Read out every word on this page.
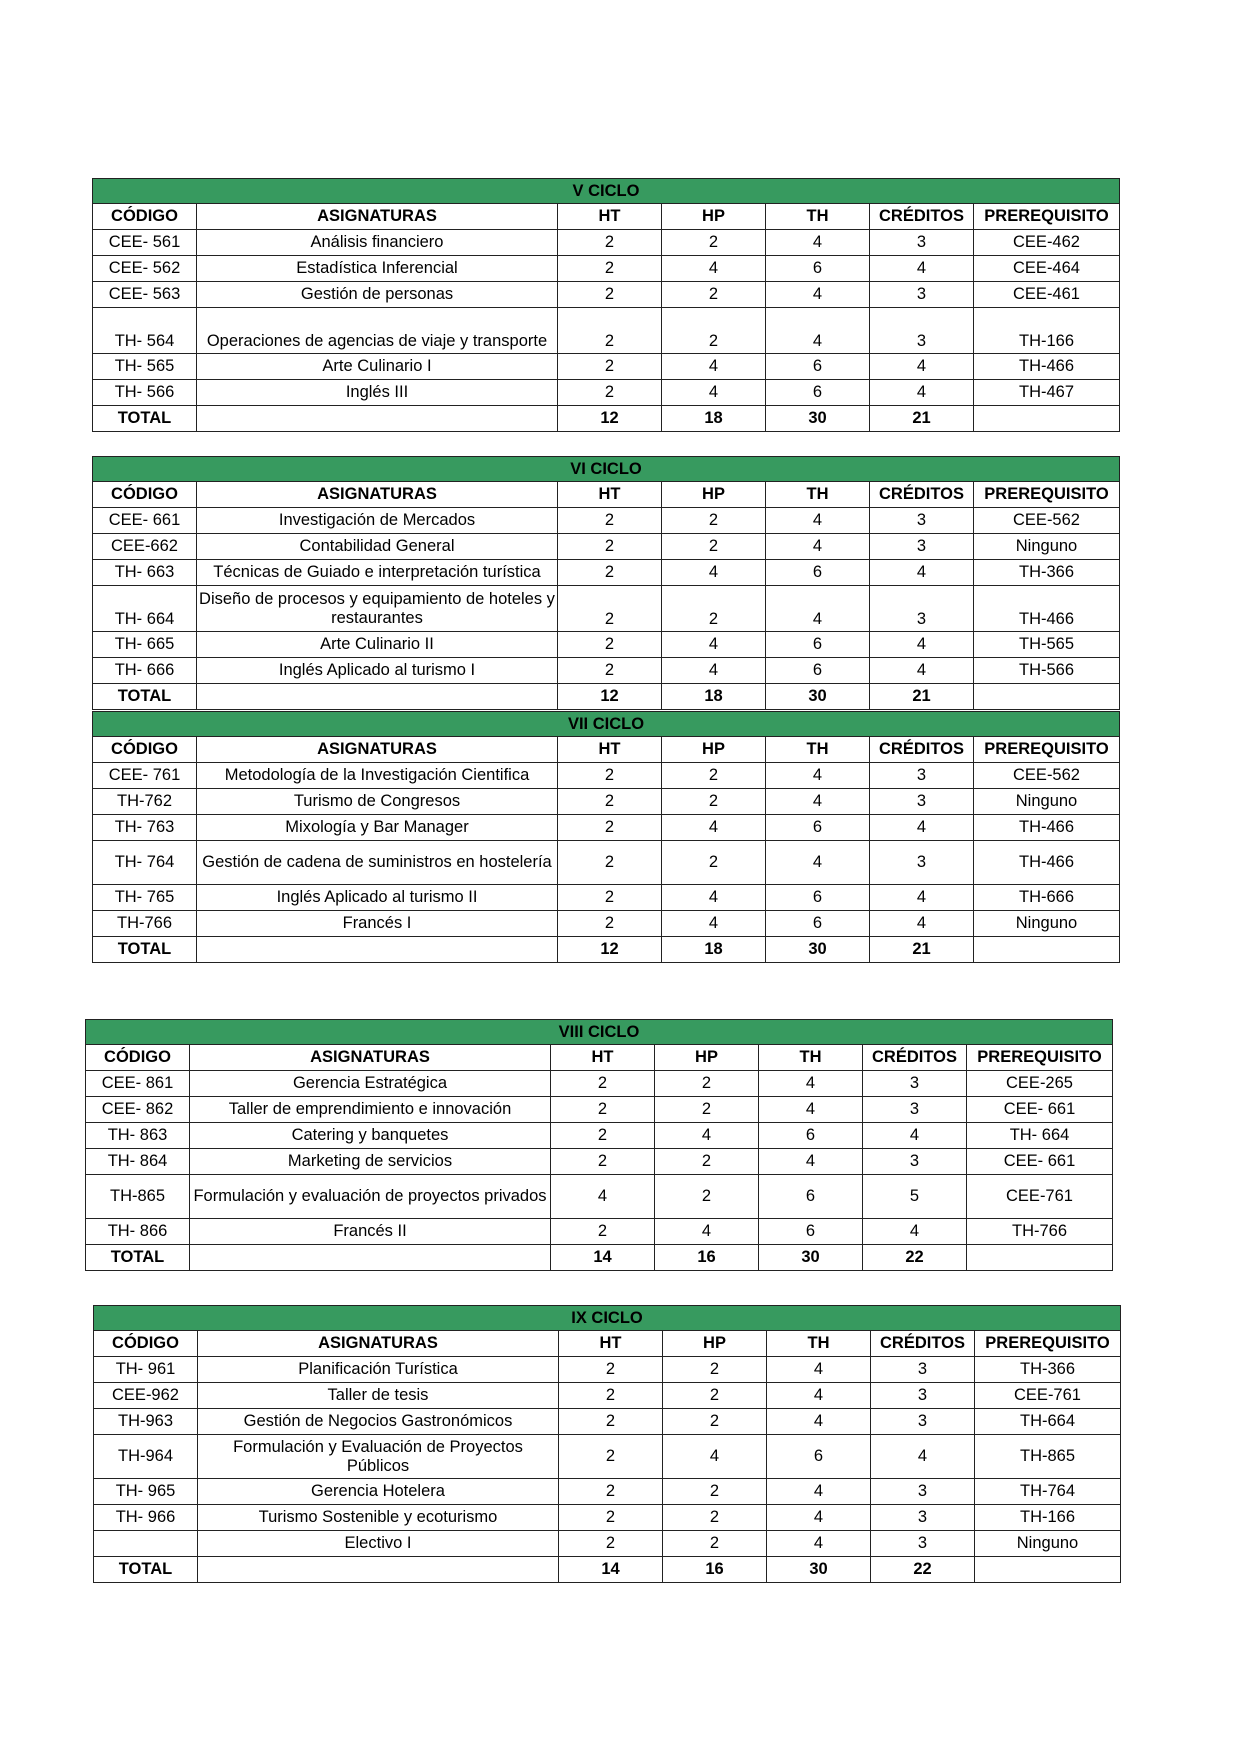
V CICLO						
CÓDIGO	ASIGNATURAS	HT	HP	TH	CRÉDITOS	PREREQUISITO
CEE- 561	Análisis financiero	2	2	4	3	CEE-462
CEE- 562	Estadística Inferencial	2	4	6	4	CEE-464
CEE- 563	Gestión de personas	2	2	4	3	CEE-461
TH- 564	Operaciones de agencias de viaje y transporte	2	2	4	3	TH-166
TH- 565	Arte Culinario I	2	4	6	4	TH-466
TH- 566	Inglés III	2	4	6	4	TH-467
TOTAL		12	18	30	21	
VI CICLO						
CÓDIGO	ASIGNATURAS	HT	HP	TH	CRÉDITOS	PREREQUISITO
CEE- 661	Investigación de Mercados	2	2	4	3	CEE-562
CEE-662	Contabilidad General	2	2	4	3	Ninguno
TH- 663	Técnicas de Guiado e interpretación turística	2	4	6	4	TH-366
TH- 664	Diseño de procesos y equipamiento de hoteles y restaurantes	2	2	4	3	TH-466
TH- 665	Arte Culinario II	2	4	6	4	TH-565
TH- 666	Inglés Aplicado al turismo I	2	4	6	4	TH-566
TOTAL		12	18	30	21	
VII CICLO						
CÓDIGO	ASIGNATURAS	HT	HP	TH	CRÉDITOS	PREREQUISITO
CEE- 761	Metodología de la Investigación Cientifica	2	2	4	3	CEE-562
TH-762	Turismo de Congresos	2	2	4	3	Ninguno
TH- 763	Mixología y Bar Manager	2	4	6	4	TH-466
TH- 764	Gestión de cadena de suministros en hostelería	2	2	4	3	TH-466
TH- 765	Inglés Aplicado al turismo II	2	4	6	4	TH-666
TH-766	Francés I	2	4	6	4	Ninguno
TOTAL		12	18	30	21	
VIII CICLO						
CÓDIGO	ASIGNATURAS	HT	HP	TH	CRÉDITOS	PREREQUISITO
CEE- 861	Gerencia Estratégica	2	2	4	3	CEE-265
CEE- 862	Taller de emprendimiento e innovación	2	2	4	3	CEE- 661
TH- 863	Catering y banquetes	2	4	6	4	TH- 664
TH- 864	Marketing de servicios	2	2	4	3	CEE- 661
TH-865	Formulación y evaluación de proyectos privados	4	2	6	5	CEE-761
TH- 866	Francés II	2	4	6	4	TH-766
TOTAL		14	16	30	22	
IX CICLO						
CÓDIGO	ASIGNATURAS	HT	HP	TH	CRÉDITOS	PREREQUISITO
TH- 961	Planificación Turística	2	2	4	3	TH-366
CEE-962	Taller de tesis	2	2	4	3	CEE-761
TH-963	Gestión de Negocios Gastronómicos	2	2	4	3	TH-664
TH-964	Formulación y Evaluación de Proyectos Públicos	2	4	6	4	TH-865
TH- 965	Gerencia Hotelera	2	2	4	3	TH-764
TH- 966	Turismo Sostenible y ecoturismo	2	2	4	3	TH-166
	Electivo I	2	2	4	3	Ninguno
TOTAL		14	16	30	22	
